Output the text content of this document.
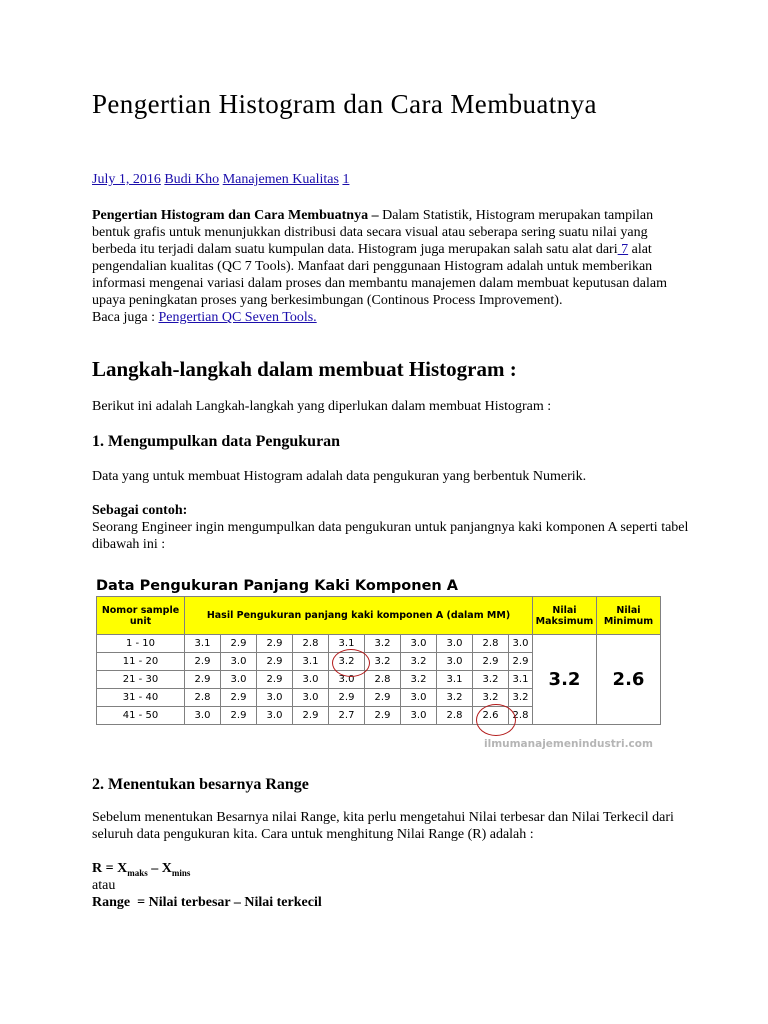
Pengertian Histogram dan Cara Membuatnya
July 1, 2016 Budi Kho Manajemen Kualitas 1
Pengertian Histogram dan Cara Membuatnya – Dalam Statistik, Histogram merupakan tampilan bentuk grafis untuk menunjukkan distribusi data secara visual atau seberapa sering suatu nilai yang berbeda itu terjadi dalam suatu kumpulan data. Histogram juga merupakan salah satu alat dari 7 alat pengendalian kualitas (QC 7 Tools). Manfaat dari penggunaan Histogram adalah untuk memberikan informasi mengenai variasi dalam proses dan membantu manajemen dalam membuat keputusan dalam upaya peningkatan proses yang berkesimbungan (Continous Process Improvement).
Baca juga : Pengertian QC Seven Tools.
Langkah-langkah dalam membuat Histogram :
Berikut ini adalah Langkah-langkah yang diperlukan dalam membuat Histogram :
1. Mengumpulkan data Pengukuran
Data yang untuk membuat Histogram adalah data pengukuran yang berbentuk Numerik.
Sebagai contoh:
Seorang Engineer ingin mengumpulkan data pengukuran untuk panjangnya kaki komponen A seperti tabel dibawah ini :
Data Pengukuran Panjang Kaki Komponen A
Nomor sample
unit	Hasil Pengukuran panjang kaki komponen A (dalam MM)										Nilai
Maksimum	Nilai
Minimum
1 - 10	3.1	2.9	2.9	2.8	3.1	3.2	3.0	3.0	2.8	3.0	3.2	2.6
11 - 20	2.9	3.0	2.9	3.1	3.2	3.2	3.2	3.0	2.9	2.9		
21 - 30	2.9	3.0	2.9	3.0	3.0	2.8	3.2	3.1	3.2	3.1		
31 - 40	2.8	2.9	3.0	3.0	2.9	2.9	3.0	3.2	3.2	3.2		
41 - 50	3.0	2.9	3.0	2.9	2.7	2.9	3.0	2.8	2.6	2.8		
ilmumanajemenindustri.com
2. Menentukan besarnya Range
Sebelum menentukan Besarnya nilai Range, kita perlu mengetahui Nilai terbesar dan Nilai Terkecil dari seluruh data pengukuran kita. Cara untuk menghitung Nilai Range (R) adalah :
$R = X_{maks} - X_{mins}$
atau
Range  = Nilai terbesar – Nilai terkecil
